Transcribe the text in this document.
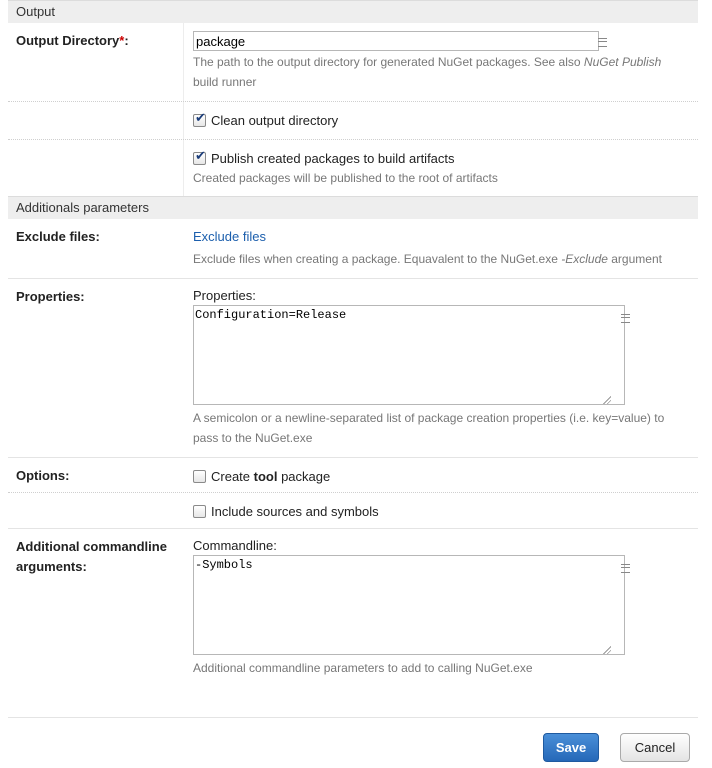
Output
Output Directory*:
package
The path to the output directory for generated NuGet packages. See also NuGet Publish build runner
✔
Clean output directory
✔
Publish created packages to build artifacts
Created packages will be published to the root of artifacts
Additionals parameters
Exclude files:	Exclude files
Exclude files when creating a package. Equavalent to the NuGet.exe -Exclude argument
Properties:	Properties:
Configuration=Release
A semicolon or a newline-separated list of package creation properties (i.e. key=value) to pass to the NuGet.exe
Options:	Create tool package
Include sources and symbols
Additional commandline arguments:
Commandline:
-Symbols
Additional commandline parameters to add to calling NuGet.exe
Save	Cancel
